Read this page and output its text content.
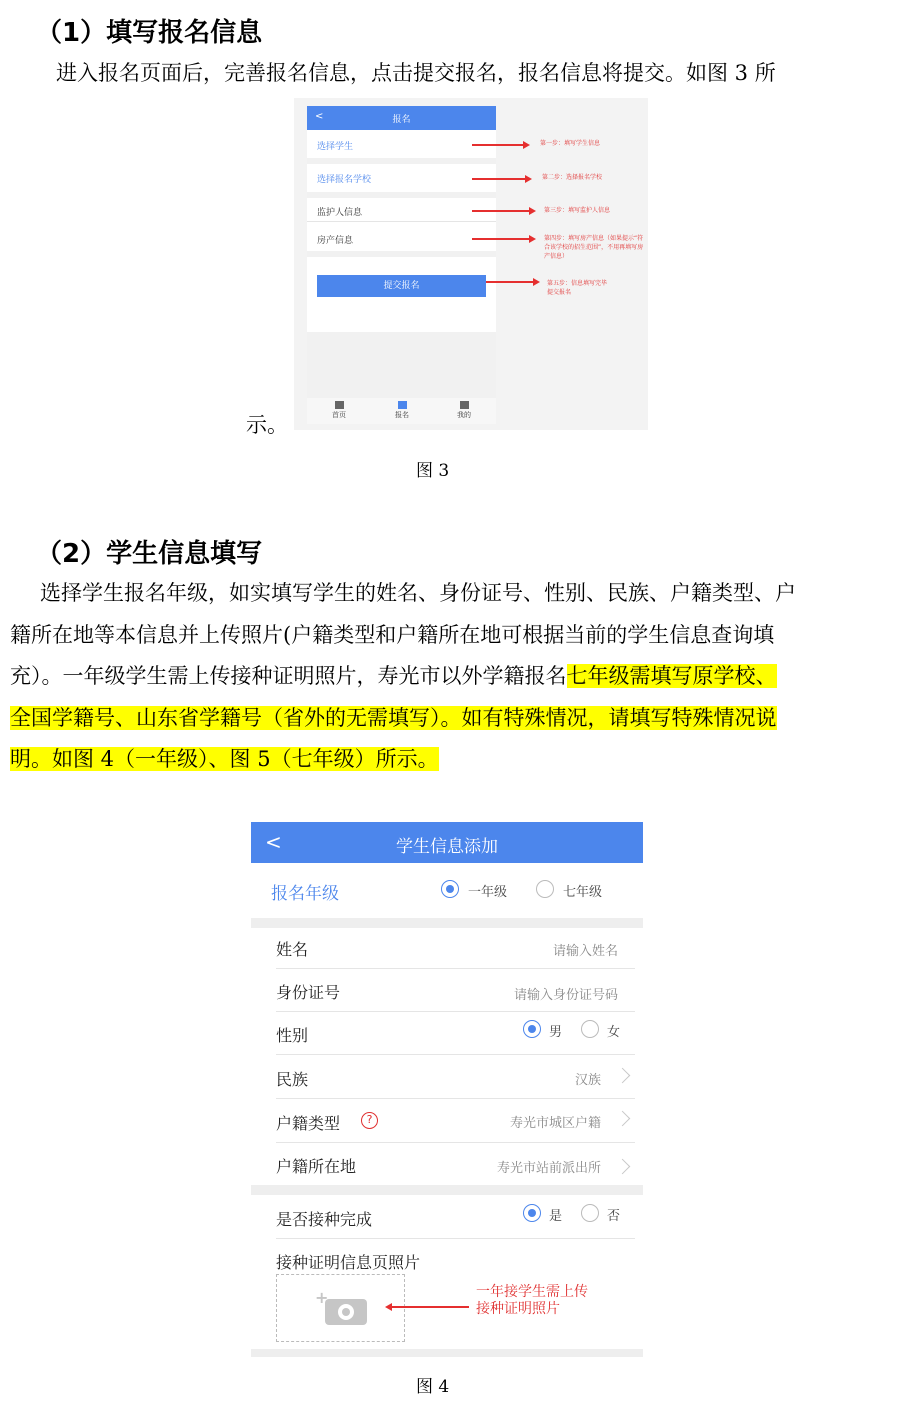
（1）填写报名信息
进入报名页面后，完善报名信息，点击提交报名，报名信息将提交。如图 3 所
<	报名
选择学生
选择报名学校
监护人信息
房产信息
提交报名
首页	报名	我的
第一步：填写学生信息
第二步：选择报名学校
第三步：填写监护人信息
第四步：填写房产信息（如果提示“符合该学校的招生范围”，不用再填写房产信息）
第五步：信息填写完毕提交报名
示。
图 3
（2）学生信息填写
选择学生报名年级，如实填写学生的姓名、身份证号、性别、民族、户籍类型、户
籍所在地等本信息并上传照片(户籍类型和户籍所在地可根据当前的学生信息查询填
充）。一年级学生需上传接种证明照片，寿光市以外学籍报名七年级需填写原学校、
全国学籍号、山东省学籍号（省外的无需填写）。如有特殊情况，请填写特殊情况说
明。如图 4（一年级）、图 5（七年级）所示。
<	学生信息添加
报名年级	一年级	七年级
姓名	请输入姓名
身份证号	请输入身份证号码
性别	男	女
民族	汉族
户籍类型	?	寿光市城区户籍
户籍所在地	寿光市站前派出所
是否接种完成	是	否
接种证明信息页照片
+	一年接学生需上传
接种证明照片
图 4
